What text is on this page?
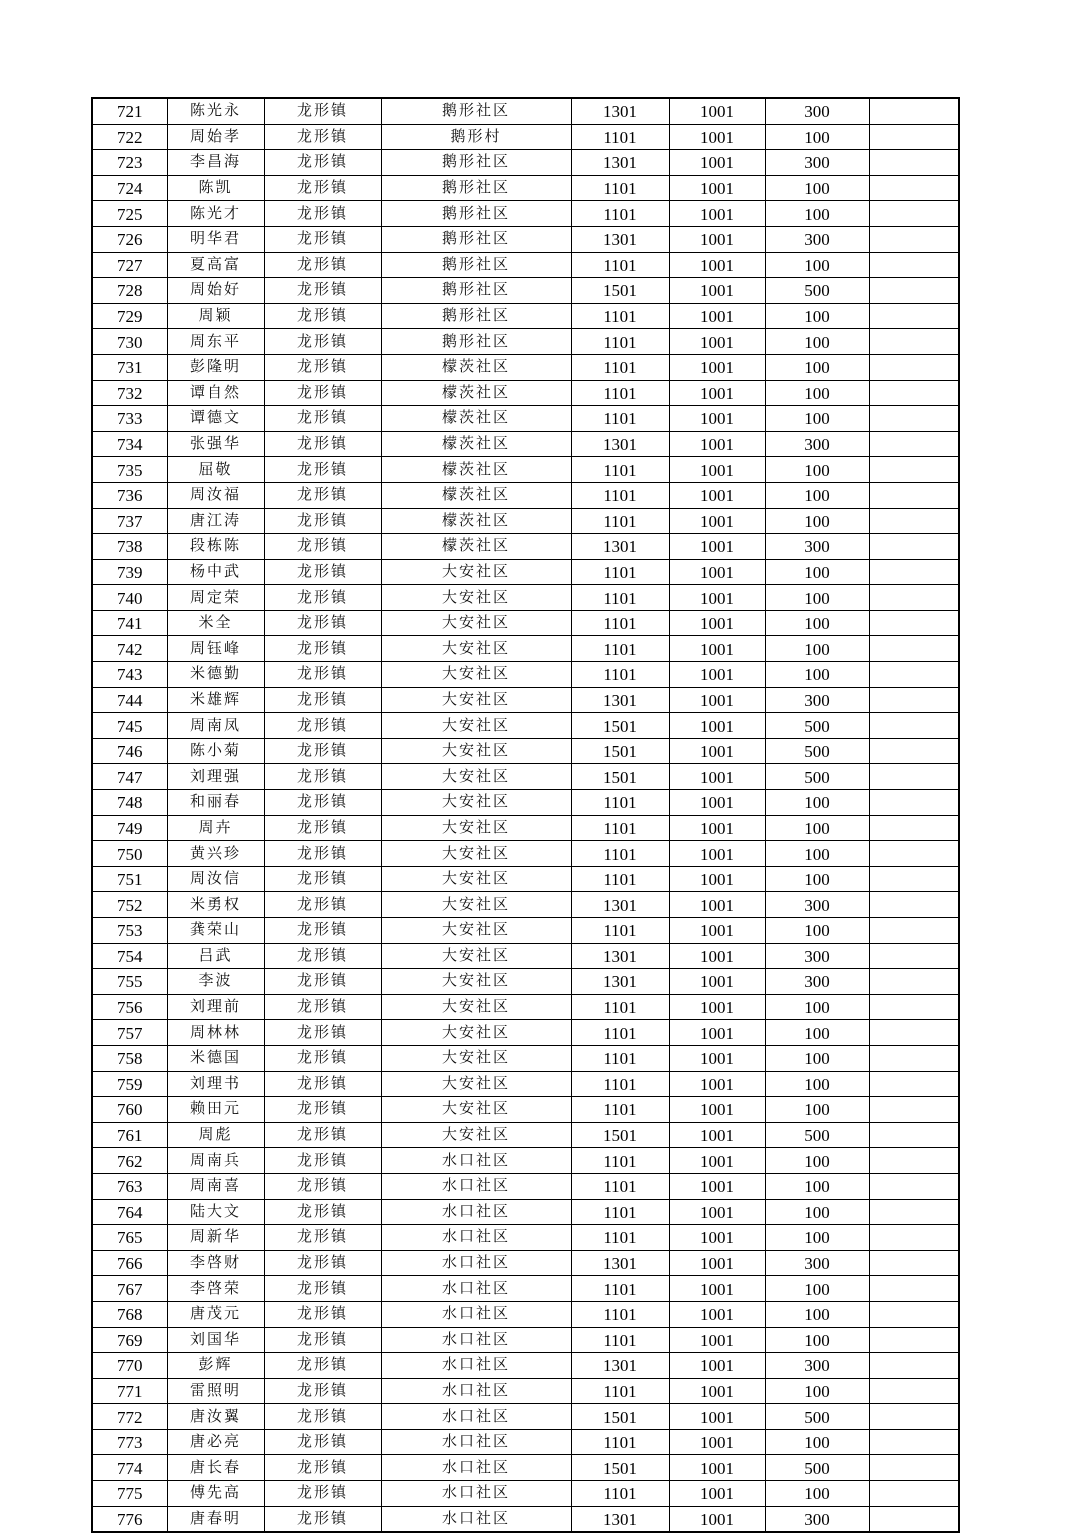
721	陈光永	龙形镇	鹅形社区	1301	1001	300	
722	周始孝	龙形镇	鹅形村	1101	1001	100	
723	李昌海	龙形镇	鹅形社区	1301	1001	300	
724	陈凯	龙形镇	鹅形社区	1101	1001	100	
725	陈光才	龙形镇	鹅形社区	1101	1001	100	
726	明华君	龙形镇	鹅形社区	1301	1001	300	
727	夏高富	龙形镇	鹅形社区	1101	1001	100	
728	周始好	龙形镇	鹅形社区	1501	1001	500	
729	周颖	龙形镇	鹅形社区	1101	1001	100	
730	周东平	龙形镇	鹅形社区	1101	1001	100	
731	彭隆明	龙形镇	檬茨社区	1101	1001	100	
732	谭自然	龙形镇	檬茨社区	1101	1001	100	
733	谭德文	龙形镇	檬茨社区	1101	1001	100	
734	张强华	龙形镇	檬茨社区	1301	1001	300	
735	屈敬	龙形镇	檬茨社区	1101	1001	100	
736	周汝福	龙形镇	檬茨社区	1101	1001	100	
737	唐江涛	龙形镇	檬茨社区	1101	1001	100	
738	段栋陈	龙形镇	檬茨社区	1301	1001	300	
739	杨中武	龙形镇	大安社区	1101	1001	100	
740	周定荣	龙形镇	大安社区	1101	1001	100	
741	米全	龙形镇	大安社区	1101	1001	100	
742	周钰峰	龙形镇	大安社区	1101	1001	100	
743	米德勤	龙形镇	大安社区	1101	1001	100	
744	米雄辉	龙形镇	大安社区	1301	1001	300	
745	周南凤	龙形镇	大安社区	1501	1001	500	
746	陈小菊	龙形镇	大安社区	1501	1001	500	
747	刘理强	龙形镇	大安社区	1501	1001	500	
748	和丽春	龙形镇	大安社区	1101	1001	100	
749	周卉	龙形镇	大安社区	1101	1001	100	
750	黄兴珍	龙形镇	大安社区	1101	1001	100	
751	周汝信	龙形镇	大安社区	1101	1001	100	
752	米勇权	龙形镇	大安社区	1301	1001	300	
753	龚荣山	龙形镇	大安社区	1101	1001	100	
754	吕武	龙形镇	大安社区	1301	1001	300	
755	李波	龙形镇	大安社区	1301	1001	300	
756	刘理前	龙形镇	大安社区	1101	1001	100	
757	周林林	龙形镇	大安社区	1101	1001	100	
758	米德国	龙形镇	大安社区	1101	1001	100	
759	刘理书	龙形镇	大安社区	1101	1001	100	
760	赖田元	龙形镇	大安社区	1101	1001	100	
761	周彪	龙形镇	大安社区	1501	1001	500	
762	周南兵	龙形镇	水口社区	1101	1001	100	
763	周南喜	龙形镇	水口社区	1101	1001	100	
764	陆大文	龙形镇	水口社区	1101	1001	100	
765	周新华	龙形镇	水口社区	1101	1001	100	
766	李啓财	龙形镇	水口社区	1301	1001	300	
767	李啓荣	龙形镇	水口社区	1101	1001	100	
768	唐茂元	龙形镇	水口社区	1101	1001	100	
769	刘国华	龙形镇	水口社区	1101	1001	100	
770	彭辉	龙形镇	水口社区	1301	1001	300	
771	雷照明	龙形镇	水口社区	1101	1001	100	
772	唐汝翼	龙形镇	水口社区	1501	1001	500	
773	唐必亮	龙形镇	水口社区	1101	1001	100	
774	唐长春	龙形镇	水口社区	1501	1001	500	
775	傅先高	龙形镇	水口社区	1101	1001	100	
776	唐春明	龙形镇	水口社区	1301	1001	300	
